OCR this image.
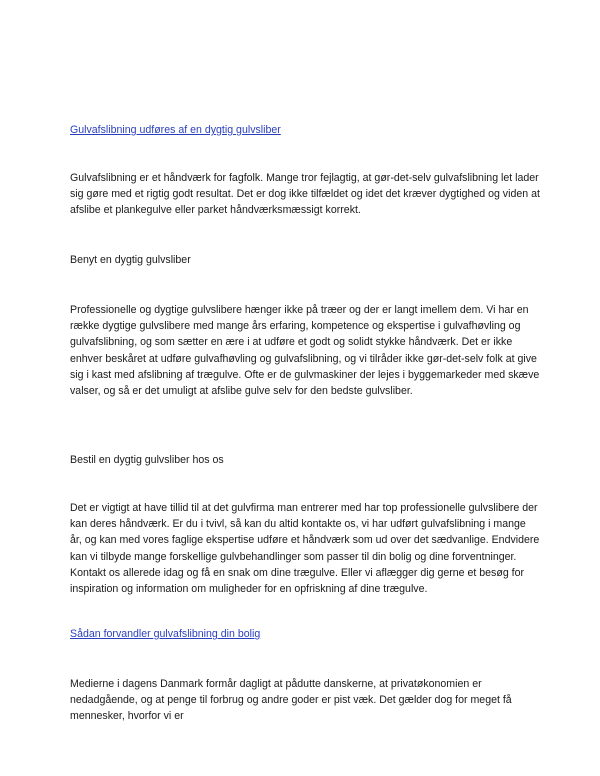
Gulvafslibning udføres af en dygtig gulvsliber

Gulvafslibning er et håndværk for fagfolk. Mange tror fejlagtig, at gør-det-selv gulvafslibning let lader sig gøre med et rigtig godt resultat. Det er dog ikke tilfældet og idet det kræver dygtighed og viden at afslibe et plankegulve eller parket håndværksmæssigt korrekt.

Benyt en dygtig gulvsliber

Professionelle og dygtige gulvslibere hænger ikke på træer og der er langt imellem dem. Vi har en række dygtige gulvslibere med mange års erfaring, kompetence og ekspertise i gulvafhøvling og gulvafslibning, og som sætter en ære i at udføre et godt og solidt stykke håndværk. Det er ikke enhver beskåret at udføre gulvafhøvling og gulvafslibning, og vi tilråder ikke gør-det-selv folk at give sig i kast med afslibning af trægulve. Ofte er de gulvmaskiner der lejes i byggemarkeder med skæve valser, og så er det umuligt at afslibe gulve selv for den bedste gulvsliber.

Bestil en dygtig gulvsliber hos os

Det er vigtigt at have tillid til at det gulvfirma man entrerer med har top professionelle gulvslibere der kan deres håndværk. Er du i tvivl, så kan du altid kontakte os, vi har udført gulvafslibning i mange år, og kan med vores faglige ekspertise udføre et håndværk som ud over det sædvanlige. Endvidere kan vi tilbyde mange forskellige gulvbehandlinger som passer til din bolig og dine forventninger. Kontakt os allerede idag og få en snak om dine trægulve. Eller vi aflægger dig gerne et besøg for inspiration og information om muligheder for en opfriskning af dine trægulve.

Sådan forvandler gulvafslibning din bolig

Medierne i dagens Danmark formår dagligt at pådutte danskerne, at privatøkonomien er nedadgående, og at penge til forbrug og andre goder er pist væk. Det gælder dog for meget få mennesker, hvorfor vi er
